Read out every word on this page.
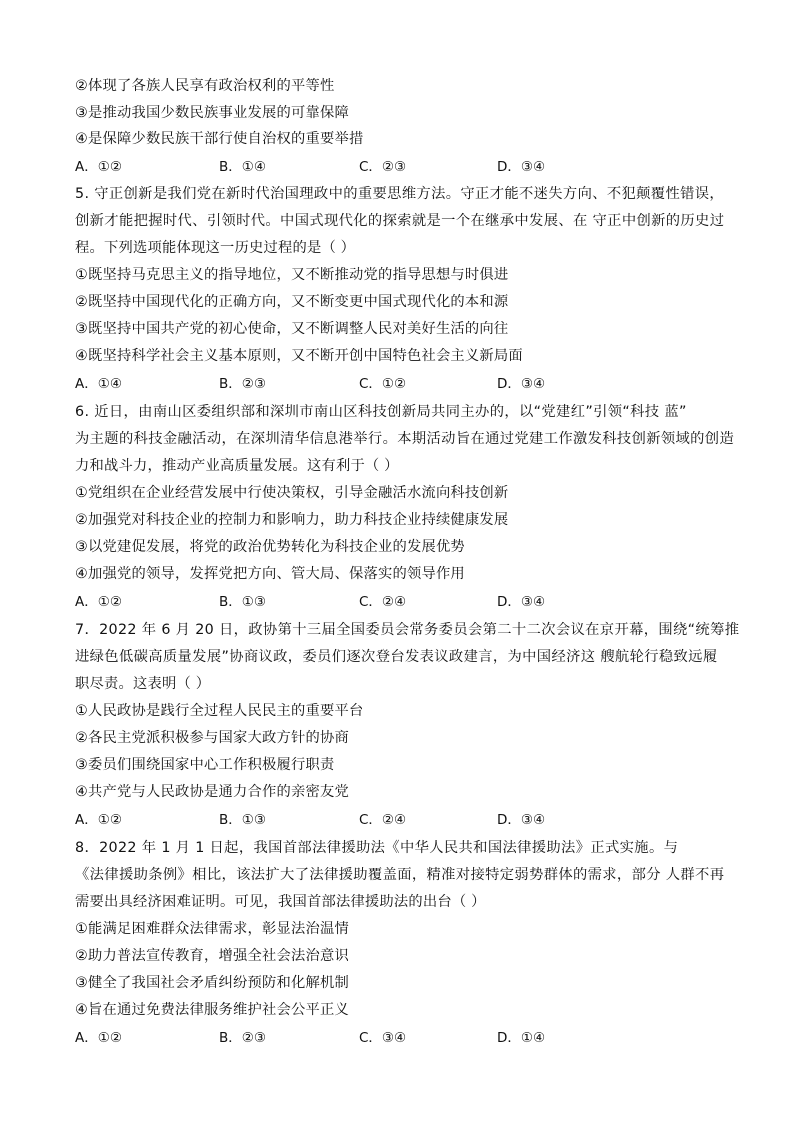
②体现了各族人民享有政治权利的平等性
③是推动我国少数民族事业发展的可靠保障
④是保障少数民族干部行使自治权的重要举措
A．①②	B．①④	C．②③	D．③④
5. 守正创新是我们党在新时代治国理政中的重要思维方法。守正才能不迷失方向、不犯颠覆性错误，
创新才能把握时代、引领时代。中国式现代化的探索就是一个在继承中发展、在 守正中创新的历史过
程。下列选项能体现这一历史过程的是（ ）
①既坚持马克思主义的指导地位，又不断推动党的指导思想与时俱进
②既坚持中国现代化的正确方向，又不断变更中国式现代化的本和源
③既坚持中国共产党的初心使命，又不断调整人民对美好生活的向往
④既坚持科学社会主义基本原则，又不断开创中国特色社会主义新局面
A．①④	B．②③	C．①②	D．③④
6. 近日，由南山区委组织部和深圳市南山区科技创新局共同主办的，以“党建红”引领“科技 蓝”
为主题的科技金融活动，在深圳清华信息港举行。本期活动旨在通过党建工作激发科技创新领域的创造
力和战斗力，推动产业高质量发展。这有利于（ ）
①党组织在企业经营发展中行使决策权，引导金融活水流向科技创新
②加强党对科技企业的控制力和影响力，助力科技企业持续健康发展
③以党建促发展，将党的政治优势转化为科技企业的发展优势
④加强党的领导，发挥党把方向、管大局、保落实的领导作用
A．①②	B．①③	C．②④	D．③④
7．2022 年 6 月 20 日，政协第十三届全国委员会常务委员会第二十二次会议在京开幕，围绕“统筹推
进绿色低碳高质量发展”协商议政，委员们逐次登台发表议政建言，为中国经济这 艘航轮行稳致远履
职尽责。这表明（ ）
①人民政协是践行全过程人民民主的重要平台
②各民主党派积极参与国家大政方针的协商
③委员们围绕国家中心工作积极履行职责
④共产党与人民政协是通力合作的亲密友党
A．①②	B．①③	C．②④	D．③④
8．2022 年 1 月 1 日起，我国首部法律援助法《中华人民共和国法律援助法》正式实施。与
《法律援助条例》相比，该法扩大了法律援助覆盖面，精准对接特定弱势群体的需求，部分 人群不再
需要出具经济困难证明。可见，我国首部法律援助法的出台（ ）
①能满足困难群众法律需求，彰显法治温情
②助力普法宣传教育，增强全社会法治意识
③健全了我国社会矛盾纠纷预防和化解机制
④旨在通过免费法律服务维护社会公平正义
A．①②	B．②③	C．③④	D．①④
